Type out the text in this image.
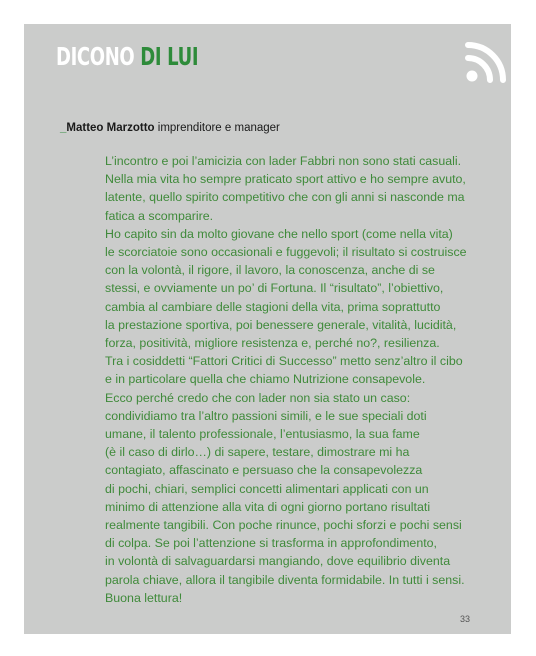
DICONO DI LUI
_Matteo Marzotto imprenditore e manager
L’incontro e poi l’amicizia con lader Fabbri non sono stati casuali.
Nella mia vita ho sempre praticato sport attivo e ho sempre avuto,
latente, quello spirito competitivo che con gli anni si nasconde ma
fatica a scomparire.
Ho capito sin da molto giovane che nello sport (come nella vita)
le scorciatoie sono occasionali e fuggevoli; il risultato si costruisce
con la volontà, il rigore, il lavoro, la conoscenza, anche di se
stessi, e ovviamente un po’ di Fortuna. Il “risultato”, l’obiettivo,
cambia al cambiare delle stagioni della vita, prima soprattutto
la prestazione sportiva, poi benessere generale, vitalità, lucidità,
forza, positività, migliore resistenza e, perché no?, resilienza.
Tra i cosiddetti “Fattori Critici di Successo” metto senz’altro il cibo
e in particolare quella che chiamo Nutrizione consapevole.
Ecco perché credo che con lader non sia stato un caso:
condividiamo tra l’altro passioni simili, e le sue speciali doti
umane, il talento professionale, l’entusiasmo, la sua fame
(è il caso di dirlo…) di sapere, testare, dimostrare mi ha
contagiato, affascinato e persuaso che la consapevolezza
di pochi, chiari, semplici concetti alimentari applicati con un
minimo di attenzione alla vita di ogni giorno portano risultati
realmente tangibili. Con poche rinunce, pochi sforzi e pochi sensi
di colpa. Se poi l’attenzione si trasforma in approfondimento,
in volontà di salvaguardarsi mangiando, dove equilibrio diventa
parola chiave, allora il tangibile diventa formidabile. In tutti i sensi.
Buona lettura!
33
